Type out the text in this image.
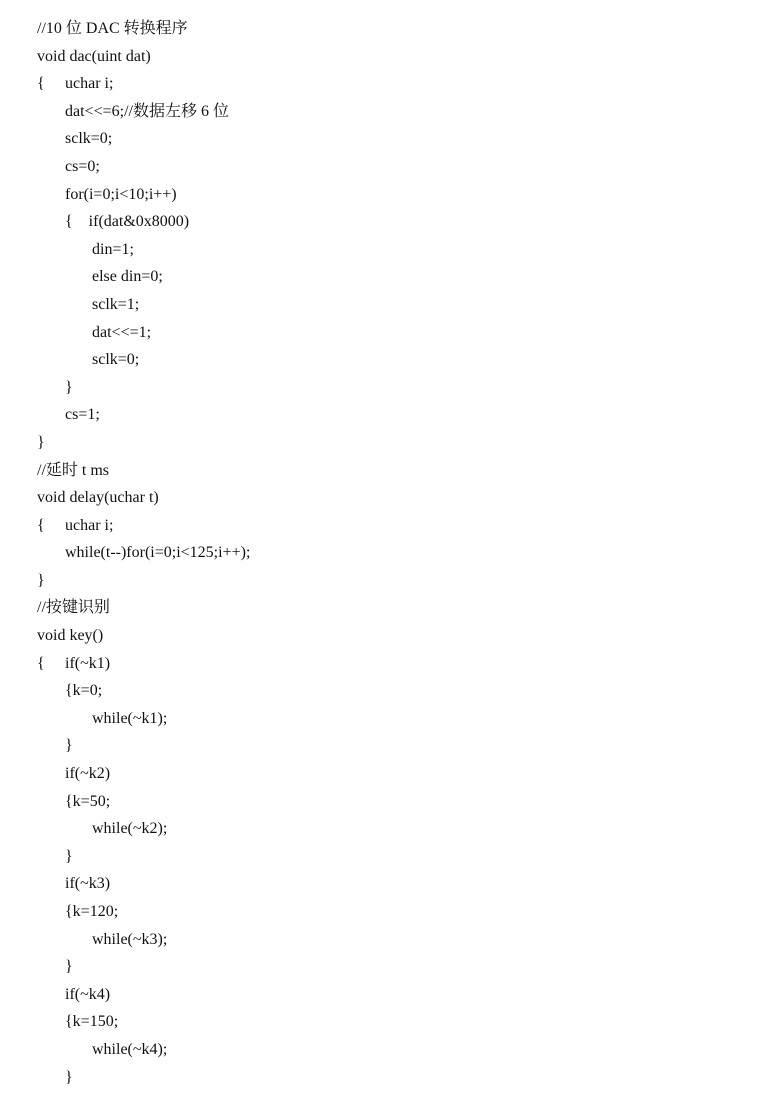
//10 位 DAC 转换程序
void dac(uint dat)
{ uchar i;
dat<<=6;//数据左移 6 位
sclk=0;
cs=0;
for(i=0;i<10;i++)
{    if(dat&0x8000)
din=1;
else din=0;
sclk=1;
dat<<=1;
sclk=0;
}
cs=1;
}
//延时 t ms
void delay(uchar t)
{ uchar i;
while(t--)for(i=0;i<125;i++);
}
//按键识别
void key()
{ if(~k1)
{k=0;
while(~k1);
}
if(~k2)
{k=50;
while(~k2);
}
if(~k3)
{k=120;
while(~k3);
}
if(~k4)
{k=150;
while(~k4);
}
